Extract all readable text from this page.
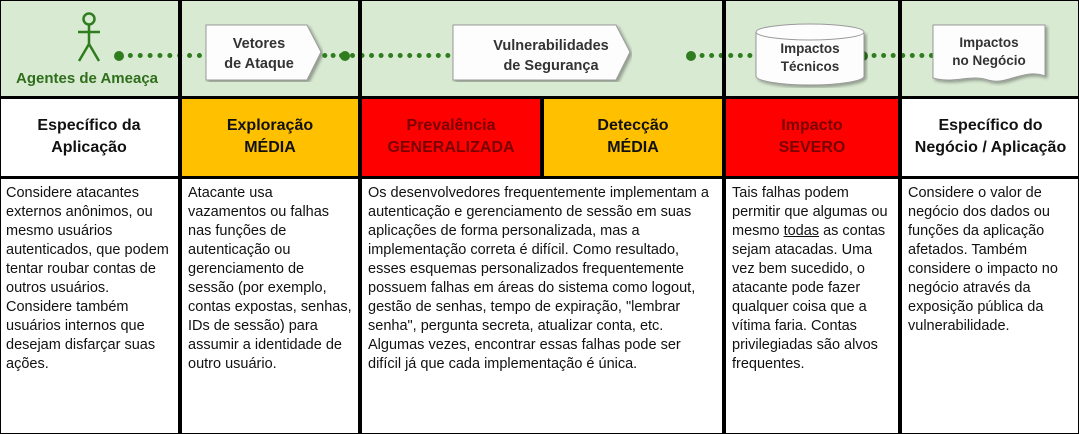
Agentes de Ameaça
Vetores
de Ataque
Vulnerabilidades
de Segurança
Impactos
Técnicos
Impactos
no Negócio
Específico da
Aplicação
Exploração
MÉDIA
Prevalência
GENERALIZADA
Detecção
MÉDIA
Impacto
SEVERO
Específico do
Negócio / Aplicação
Considere atacantes externos anônimos, ou mesmo usuários autenticados, que podem tentar roubar contas de outros usuários. Considere também usuários internos que desejam disfarçar suas ações.
Atacante usa vazamentos ou falhas nas funções de autenticação ou gerenciamento de sessão (por exemplo, contas expostas, senhas, IDs de sessão) para assumir a identidade de outro usuário.
Os desenvolvedores frequentemente implementam a autenticação e gerenciamento de sessão em suas aplicações de forma personalizada, mas a implementação correta é difícil. Como resultado, esses esquemas personalizados frequentemente possuem falhas em áreas do sistema como logout, gestão de senhas, tempo de expiração, "lembrar senha", pergunta secreta, atualizar conta, etc. Algumas vezes, encontrar essas falhas pode ser difícil já que cada implementação é única.
Tais falhas podem permitir que algumas ou mesmo todas as contas sejam atacadas. Uma vez bem sucedido, o atacante pode fazer qualquer coisa que a vítima faria. Contas privilegiadas são alvos frequentes.
Considere o valor de negócio dos dados ou funções da aplicação afetados. Também considere o impacto no negócio através da exposição pública da vulnerabilidade.
